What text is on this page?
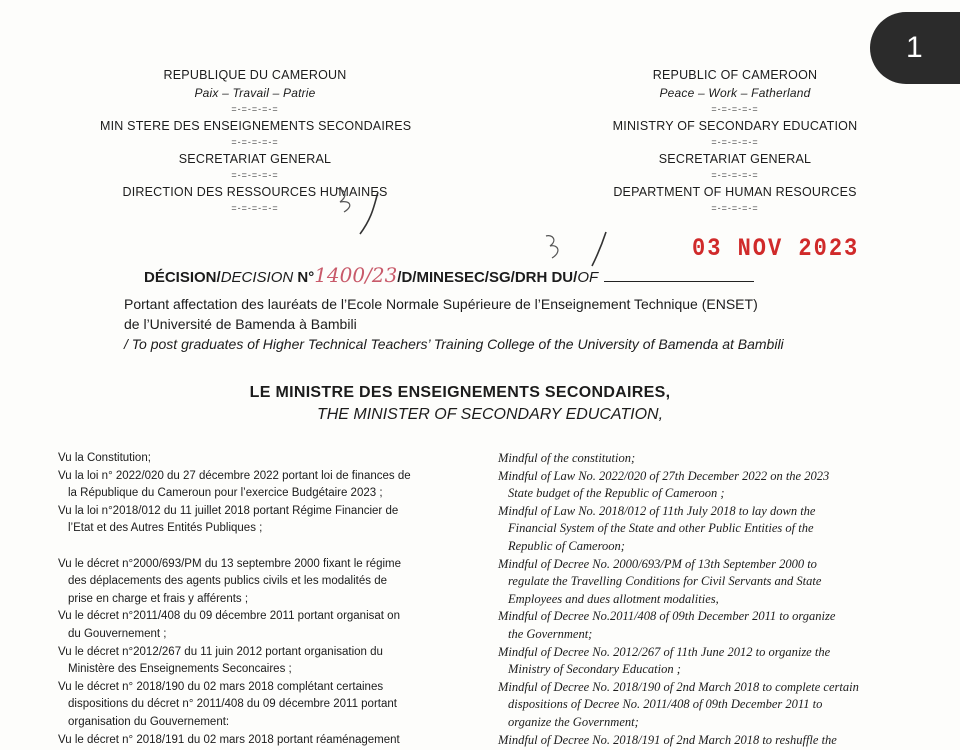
1
REPUBLIQUE DU CAMEROUN
Paix – Travail – Patrie
=-=-=-=-=
MIN STERE DES ENSEIGNEMENTS SECONDAIRES
=-=-=-=-=
SECRETARIAT GENERAL
=-=-=-=-=
DIRECTION DES RESSOURCES HUMAINES
=-=-=-=-=
REPUBLIC OF CAMEROON
Peace – Work – Fatherland
=-=-=-=-=
MINISTRY OF SECONDARY EDUCATION
=-=-=-=-=
SECRETARIAT GENERAL
=-=-=-=-=
DEPARTMENT OF HUMAN RESOURCES
=-=-=-=-=
03 NOV 2023
DÉCISION/DECISION N°1400/23/D/MINESEC/SG/DRH DU/OF
Portant affectation des lauréats de l’Ecole Normale Supérieure de l’Enseignement Technique (ENSET)
de l’Université de Bamenda à Bambili
/ To post graduates of Higher Technical Teachers’ Training College of the University of Bamenda at Bambili
LE MINISTRE DES ENSEIGNEMENTS SECONDAIRES,
THE MINISTER OF SECONDARY EDUCATION,
Vu la Constitution;
Vu la loi n° 2022/020 du 27 décembre 2022 portant loi de finances de
la République du Cameroun pour l’exercice Budgétaire 2023 ;
Vu la loi n°2018/012 du 11 juillet 2018 portant Régime Financier de
l’Etat et des Autres Entités Publiques ;
Vu le décret n°2000/693/PM du 13 septembre 2000 fixant le régime
des déplacements des agents publics civils et les modalités de
prise en charge et frais y afférents ;
Vu le décret n°2011/408 du 09 décembre 2011 portant organisat on
du Gouvernement ;
Vu le décret n°2012/267 du 11 juin 2012 portant organisation du
Ministère des Enseignements Seconcaires ;
Vu le décret n° 2018/190 du 02 mars 2018 complétant certaines
dispositions du décret n° 2011/408 du 09 décembre 2011 portant
organisation du Gouvernement:
Vu le décret n° 2018/191 du 02 mars 2018 portant réaménagement
Mindful of the constitution;
Mindful of Law No. 2022/020 of 27th December 2022 on the 2023
State budget of the Republic of Cameroon ;
Mindful of Law No. 2018/012 of 11th July 2018 to lay down the
Financial System of the State and other Public Entities of the
Republic of Cameroon;
Mindful of Decree No. 2000/693/PM of 13th September 2000 to
regulate the Travelling Conditions for Civil Servants and State
Employees and dues allotment modalities,
Mindful of Decree No.2011/408 of 09th December 2011 to organize
the Government;
Mindful of Decree No. 2012/267 of 11th June 2012 to organize the
Ministry of Secondary Education ;
Mindful of Decree No. 2018/190 of 2nd March 2018 to complete certain
dispositions of Decree No. 2011/408 of 09th December 2011 to
organize the Government;
Mindful of Decree No. 2018/191 of 2nd March 2018 to reshuffle the
